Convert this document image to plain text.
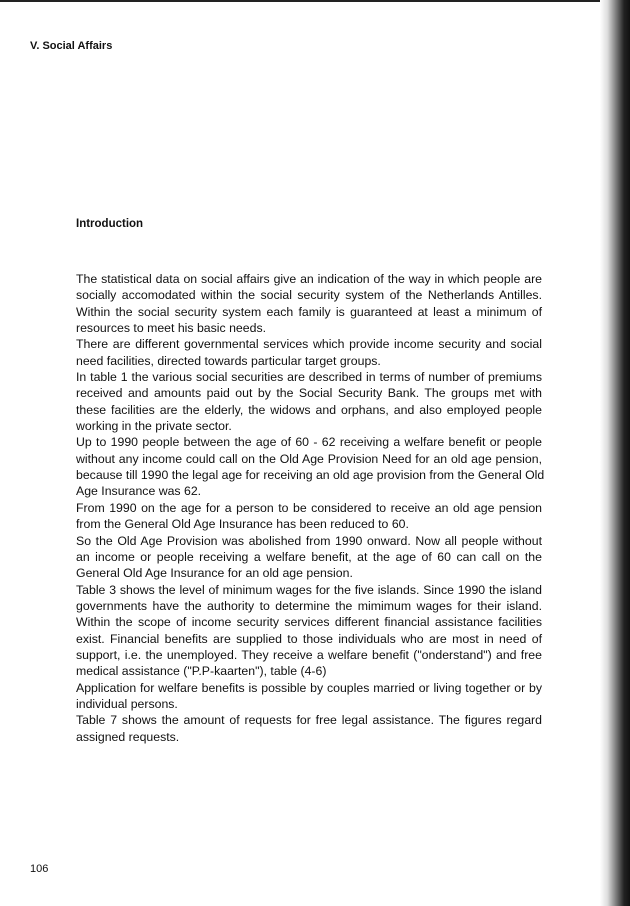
V. Social Affairs
Introduction
The statistical data on social affairs give an indication of the way in which people are
socially accomodated within the social security system of the Netherlands Antilles.
Within the social security system each family is guaranteed at least a minimum of
resources to meet his basic needs.
There are different governmental services which provide income security and social
need facilities, directed towards particular target groups.
In table 1 the various social securities are described in terms of number of premiums
received and amounts paid out by the Social Security Bank. The groups met with
these facilities are the elderly, the widows and orphans, and also employed people
working in the private sector.
Up to 1990 people between the age of 60 - 62 receiving a welfare benefit or people
without any income could call on the Old Age Provision Need for an old age pension,
because till 1990 the legal age for receiving an old age provision from the General Old
Age Insurance was 62.
From 1990 on the age for a person to be considered to receive an old age pension
from the General Old Age Insurance has been reduced to 60.
So the Old Age Provision was abolished from 1990 onward. Now all people without
an income or people receiving a welfare benefit, at the age of 60 can call on the
General Old Age Insurance for an old age pension.
Table 3 shows the level of minimum wages for the five islands. Since 1990 the island
governments have the authority to determine the mimimum wages for their island.
Within the scope of income security services different financial assistance facilities
exist. Financial benefits are supplied to those individuals who are most in need of
support, i.e. the unemployed. They receive a welfare benefit ("onderstand") and free
medical assistance ("P.P-kaarten"), table (4-6)
Application for welfare benefits is possible by couples married or living together or by
individual persons.
Table 7 shows the amount of requests for free legal assistance. The figures regard
assigned requests.
106
